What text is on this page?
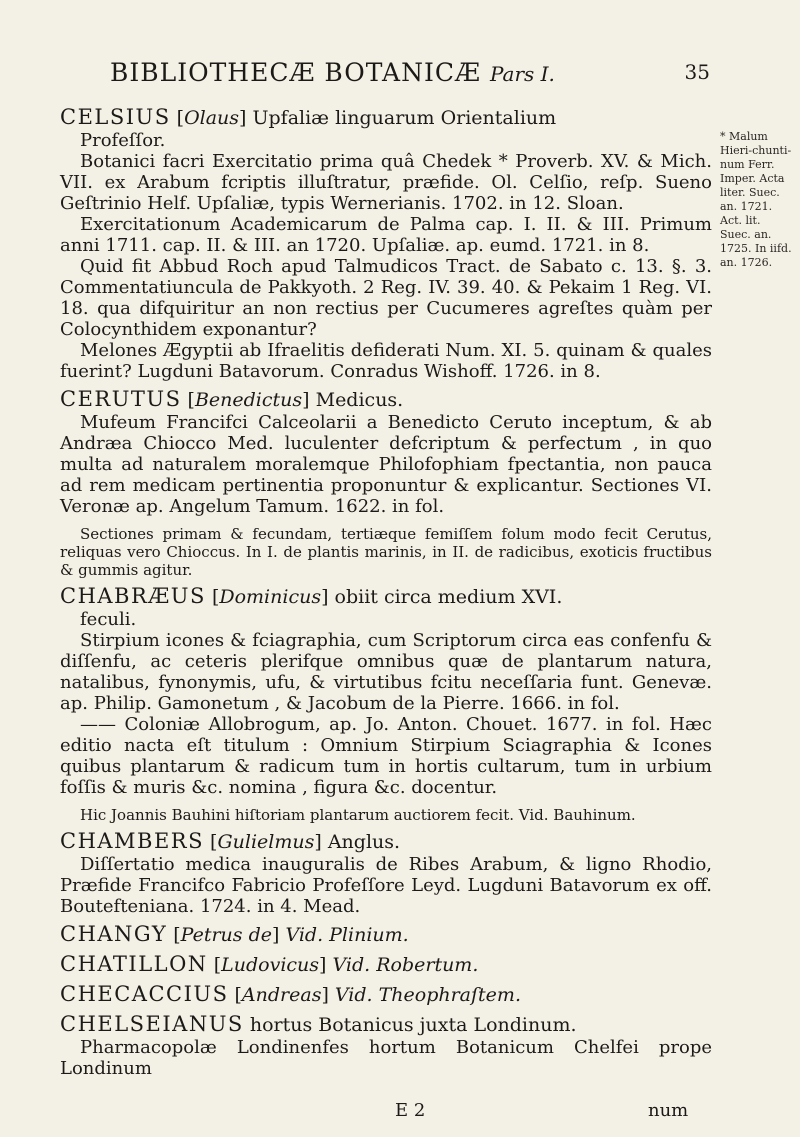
BIBLIOTHECÆ BOTANICÆ Pars I.	35
* Malum Hieri-chunti-num Ferr. Imper. Acta liter. Suec. an. 1721. Act. lit. Suec. an. 1725. In iifd. an. 1726.
CELSIUS [Olaus] Upfaliæ linguarum Orientalium

Profeſſor.

Botanici facri Exercitatio prima quâ Chedek * Proverb. XV. & Mich. VII. ex Arabum fcriptis illuſtratur, præfide. Ol. Celſio, reſp. Sueno Geſtrinio Helf. Upſaliæ, typis Wernerianis. 1702. in 12. Sloan.

Exercitationum Academicarum de Palma cap. I. II. & III. Primum anni 1711. cap. II. & III. an 1720. Upſaliæ. ap. eumd. 1721. in 8.

Quid fit Abbud Roch apud Talmudicos Tract. de Sabato c. 13. §. 3. Commentatiuncula de Pakkyoth. 2 Reg. IV. 39. 40. & Pekaim 1 Reg. VI. 18. qua difquiritur an non rectius per Cucumeres agreſtes quàm per Colocynthidem exponantur?

Melones Ægyptii ab Ifraelitis defiderati Num. XI. 5. quinam & quales fuerint? Lugduni Batavorum. Conradus Wishoff. 1726. in 8.

CERUTUS [Benedictus] Medicus.

Mufeum Francifci Calceolarii a Benedicto Ceruto inceptum, & ab Andræa Chiocco Med. luculenter defcriptum & perfectum , in quo multa ad naturalem moralemque Philofophiam fpectantia, non pauca ad rem medicam pertinentia proponuntur & explicantur. Sectiones VI. Veronæ ap. Angelum Tamum. 1622. in fol.

Sectiones primam & fecundam, tertiæque femiſſem folum modo fecit Cerutus, reliquas vero Chioccus. In I. de plantis marinis, in II. de radicibus, exoticis fructibus & gummis agitur.

CHABRÆUS [Dominicus] obiit circa medium XVI.

feculi.

Stirpium icones & fciagraphia, cum Scriptorum circa eas confenfu & diſſenfu, ac ceteris plerifque omnibus quæ de plantarum natura, natalibus, fynonymis, ufu, & virtutibus fcitu neceſſaria funt. Genevæ. ap. Philip. Gamonetum , & Jacobum de la Pierre. 1666. in fol.

—— Coloniæ Allobrogum, ap. Jo. Anton. Chouet. 1677. in fol. Hæc editio nacta eſt titulum : Omnium Stirpium Sciagraphia & Icones quibus plantarum & radicum tum in hortis cultarum, tum in urbium foſſis & muris &c. nomina , figura &c. docentur.

Hic Joannis Bauhini hiſtoriam plantarum auctiorem fecit. Vid. Bauhinum.

CHAMBERS [Gulielmus] Anglus.

Diſſertatio medica inauguralis de Ribes Arabum, & ligno Rhodio, Præfide Francifco Fabricio Profeſſore Leyd. Lugduni Batavorum ex off. Boutefteniana. 1724. in 4. Mead.

CHANGY [Petrus de] Vid. Plinium.
CHATILLON [Ludovicus] Vid. Robertum.
CHECACCIUS [Andreas] Vid. Theophraſtem.
CHELSEIANUS hortus Botanicus juxta Londinum.

Pharmacopolæ Londinenfes hortum Botanicum Chelfei prope Londinum

E 2	num
